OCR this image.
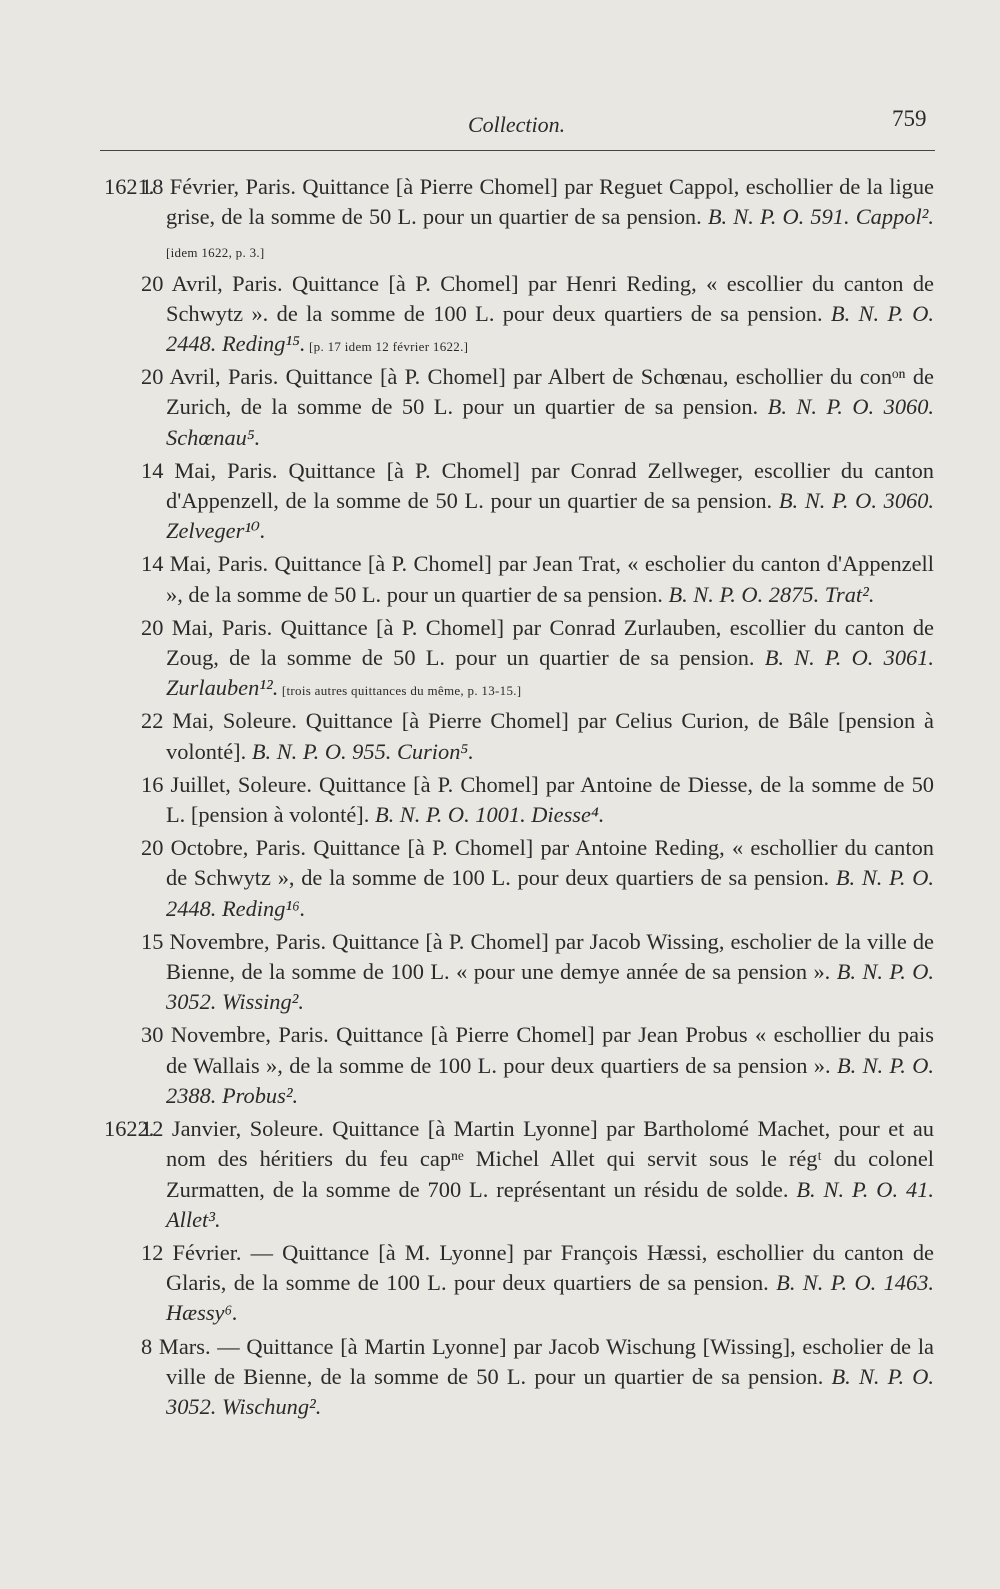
Collection.	759
1621.
18 Février, Paris. Quittance [à Pierre Chomel] par Reguet Cappol, eschollier de la ligue grise, de la somme de 50 L. pour un quartier de sa pension. B. N. P. O. 591. Cappol². [idem 1622, p. 3.]
20 Avril, Paris. Quittance [à P. Chomel] par Henri Reding, « escollier du canton de Schwytz ». de la somme de 100 L. pour deux quartiers de sa pension. B. N. P. O. 2448. Reding¹⁵. [p. 17 idem 12 février 1622.]
20 Avril, Paris. Quittance [à P. Chomel] par Albert de Schœnau, eschollier du conᵒⁿ de Zurich, de la somme de 50 L. pour un quartier de sa pension. B. N. P. O. 3060. Schœnau⁵.
14 Mai, Paris. Quittance [à P. Chomel] par Conrad Zellweger, escollier du canton d'Appenzell, de la somme de 50 L. pour un quartier de sa pension. B. N. P. O. 3060. Zelveger¹⁰.
14 Mai, Paris. Quittance [à P. Chomel] par Jean Trat, « escholier du canton d'Appenzell », de la somme de 50 L. pour un quartier de sa pension. B. N. P. O. 2875. Trat².
20 Mai, Paris. Quittance [à P. Chomel] par Conrad Zurlauben, escollier du canton de Zoug, de la somme de 50 L. pour un quartier de sa pension. B. N. P. O. 3061. Zurlauben¹². [trois autres quittances du même, p. 13-15.]
22 Mai, Soleure. Quittance [à Pierre Chomel] par Celius Curion, de Bâle [pension à volonté]. B. N. P. O. 955. Curion⁵.
16 Juillet, Soleure. Quittance [à P. Chomel] par Antoine de Diesse, de la somme de 50 L. [pension à volonté]. B. N. P. O. 1001. Diesse⁴.
20 Octobre, Paris. Quittance [à P. Chomel] par Antoine Reding, « eschollier du canton de Schwytz », de la somme de 100 L. pour deux quartiers de sa pension. B. N. P. O. 2448. Reding¹⁶.
15 Novembre, Paris. Quittance [à P. Chomel] par Jacob Wissing, escholier de la ville de Bienne, de la somme de 100 L. « pour une demye année de sa pension ». B. N. P. O. 3052. Wissing².
30 Novembre, Paris. Quittance [à Pierre Chomel] par Jean Probus « eschollier du pais de Wallais », de la somme de 100 L. pour deux quartiers de sa pension ». B. N. P. O. 2388. Probus².
1622.
12 Janvier, Soleure. Quittance [à Martin Lyonne] par Bartholomé Machet, pour et au nom des héritiers du feu capⁿᵉ Michel Allet qui servit sous le régᵗ du colonel Zurmatten, de la somme de 700 L. représentant un résidu de solde. B. N. P. O. 41. Allet³.
12 Février. — Quittance [à M. Lyonne] par François Hæssi, eschollier du canton de Glaris, de la somme de 100 L. pour deux quartiers de sa pension. B. N. P. O. 1463. Hæssy⁶.
8 Mars. — Quittance [à Martin Lyonne] par Jacob Wischung [Wissing], escholier de la ville de Bienne, de la somme de 50 L. pour un quartier de sa pension. B. N. P. O. 3052. Wischung².
